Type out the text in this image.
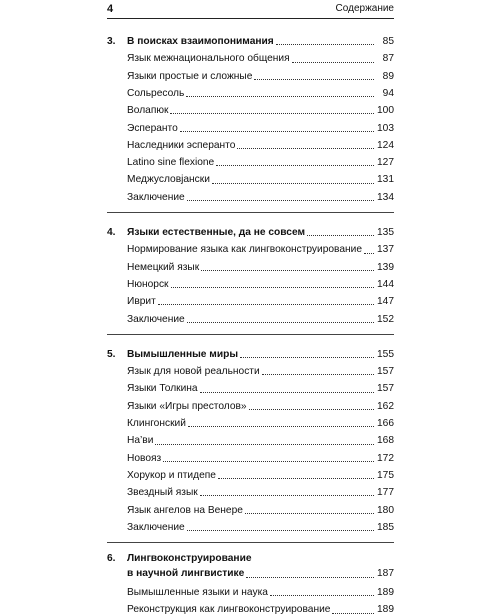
4	Содержание
3.	В поисках взаимопонимания	85
Язык межнационального общения	87
Языки простые и сложные	89
Сольресоль	94
Волапюк	100
Эсперанто	103
Наследники эсперанто	124
Latino sine flexione	127
Меджусловјански	131
Заключение	134
4.	Языки естественные, да не совсем	135
Нормирование языка как лингвоконструирование 137
Немецкий язык	139
Нюнорск	144
Иврит	147
Заключение	152
5.	Вымышленные миры	155
Язык для новой реальности	157
Языки Толкина	157
Языки «Игры престолов»	162
Клингонский	166
На’ви	168
Новояз	172
Хорукор и птидепе	175
Звездный язык	177
Язык ангелов на Венере	180
Заключение	185
6.	Лингвоконструирование
в научной лингвистике	187
Вымышленные языки и наука	189
Реконструкция как лингвоконструирование	189
